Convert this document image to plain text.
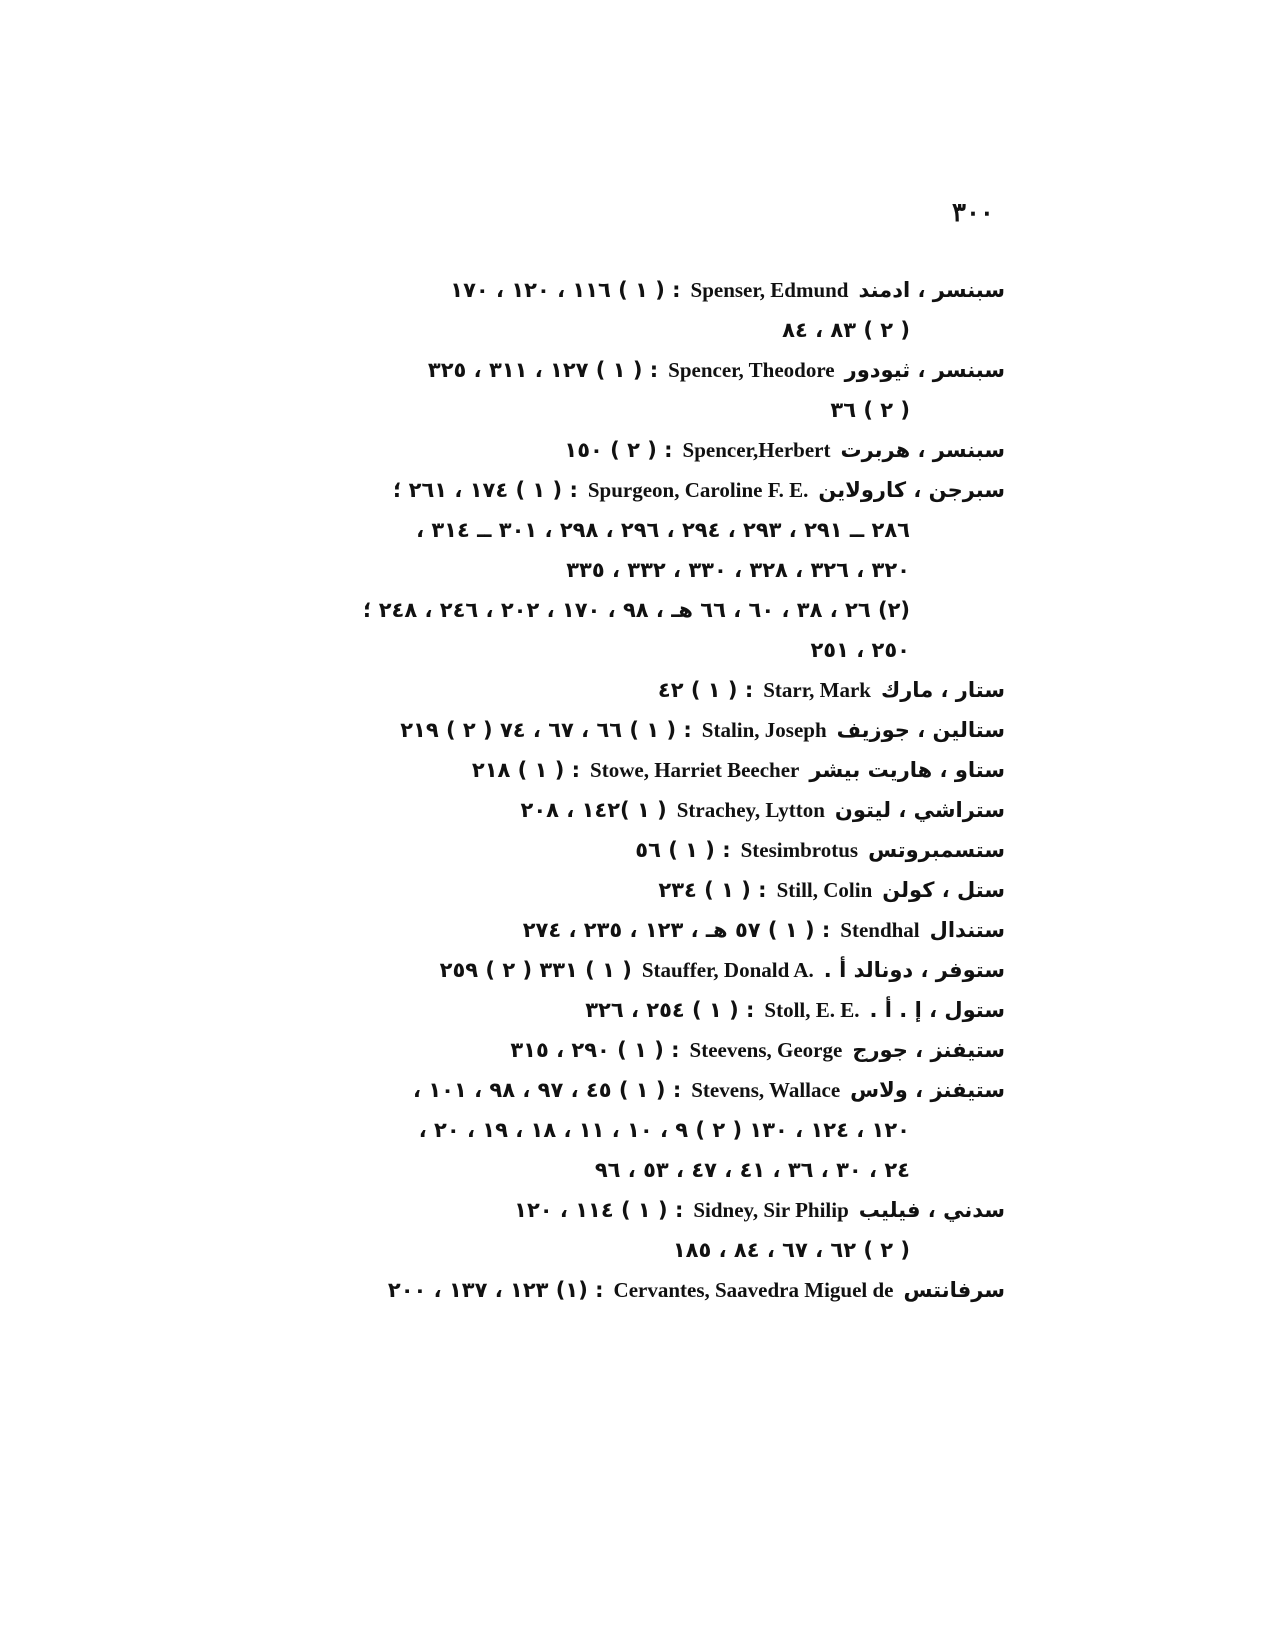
٣٠٠
سبنسر ، ادمندSpenser, Edmund: ( ١ ) ١١٦ ، ١٢٠ ، ١٧٠
( ٢ ) ٨٣ ، ٨٤
سبنسر ، ثيودورSpencer, Theodore: ( ١ ) ١٢٧ ، ٣١١ ، ٣٢٥
( ٢ ) ٣٦
سبنسر ، هربرتSpencer,Herbert: ( ٢ ) ١٥٠
سبرجن ، كارولاينSpurgeon, Caroline F. E.: ( ١ ) ١٧٤ ، ٢٦١ ؛
٢٨٦ ــ ٢٩١ ، ٢٩٣ ، ٢٩٤ ، ٢٩٦ ، ٢٩٨ ، ٣٠١ ــ ٣١٤ ،
٣٢٠ ، ٣٢٦ ، ٣٢٨ ، ٣٣٠ ، ٣٣٢ ، ٣٣٥
(٢) ٢٦ ، ٣٨ ، ٦٠ ، ٦٦ هـ ، ٩٨ ، ١٧٠ ، ٢٠٢ ، ٢٤٦ ، ٢٤٨ ؛
٢٥٠ ، ٢٥١
ستار ، ماركStarr, Mark: ( ١ ) ٤٢
ستالين ، جوزيفStalin, Joseph: ( ١ ) ٦٦ ، ٦٧ ، ٧٤ ( ٢ ) ٢١٩
ستاو ، هاريت بيشرStowe, Harriet Beecher: ( ١ ) ٢١٨
ستراشي ، ليتونStrachey, Lytton( ١ )١٤٢ ، ٢٠٨
ستسمبروتسStesimbrotus: ( ١ ) ٥٦
ستل ، كولنStill, Colin: ( ١ ) ٢٣٤
ستندالStendhal: ( ١ ) ٥٧ هـ ، ١٢٣ ، ٢٣٥ ، ٢٧٤
ستوفر ، دونالد أ .Stauffer, Donald A.( ١ ) ٣٣١ ( ٢ ) ٢٥٩
ستول ، إ . أ .Stoll, E. E.: ( ١ ) ٢٥٤ ، ٣٢٦
ستيفنز ، جورجSteevens, George: ( ١ ) ٢٩٠ ، ٣١٥
ستيفنز ، ولاسStevens, Wallace: ( ١ ) ٤٥ ، ٩٧ ، ٩٨ ، ١٠١ ،
١٢٠ ، ١٢٤ ، ١٣٠ ( ٢ ) ٩ ، ١٠ ، ١١ ، ١٨ ، ١٩ ، ٢٠ ،
٢٤ ، ٣٠ ، ٣٦ ، ٤١ ، ٤٧ ، ٥٣ ، ٩٦
سدني ، فيليبSidney, Sir Philip: ( ١ ) ١١٤ ، ١٢٠
( ٢ ) ٦٢ ، ٦٧ ، ٨٤ ، ١٨٥
سرفانتسCervantes, Saavedra Miguel de: (١) ١٢٣ ، ١٣٧ ، ٢٠٠
